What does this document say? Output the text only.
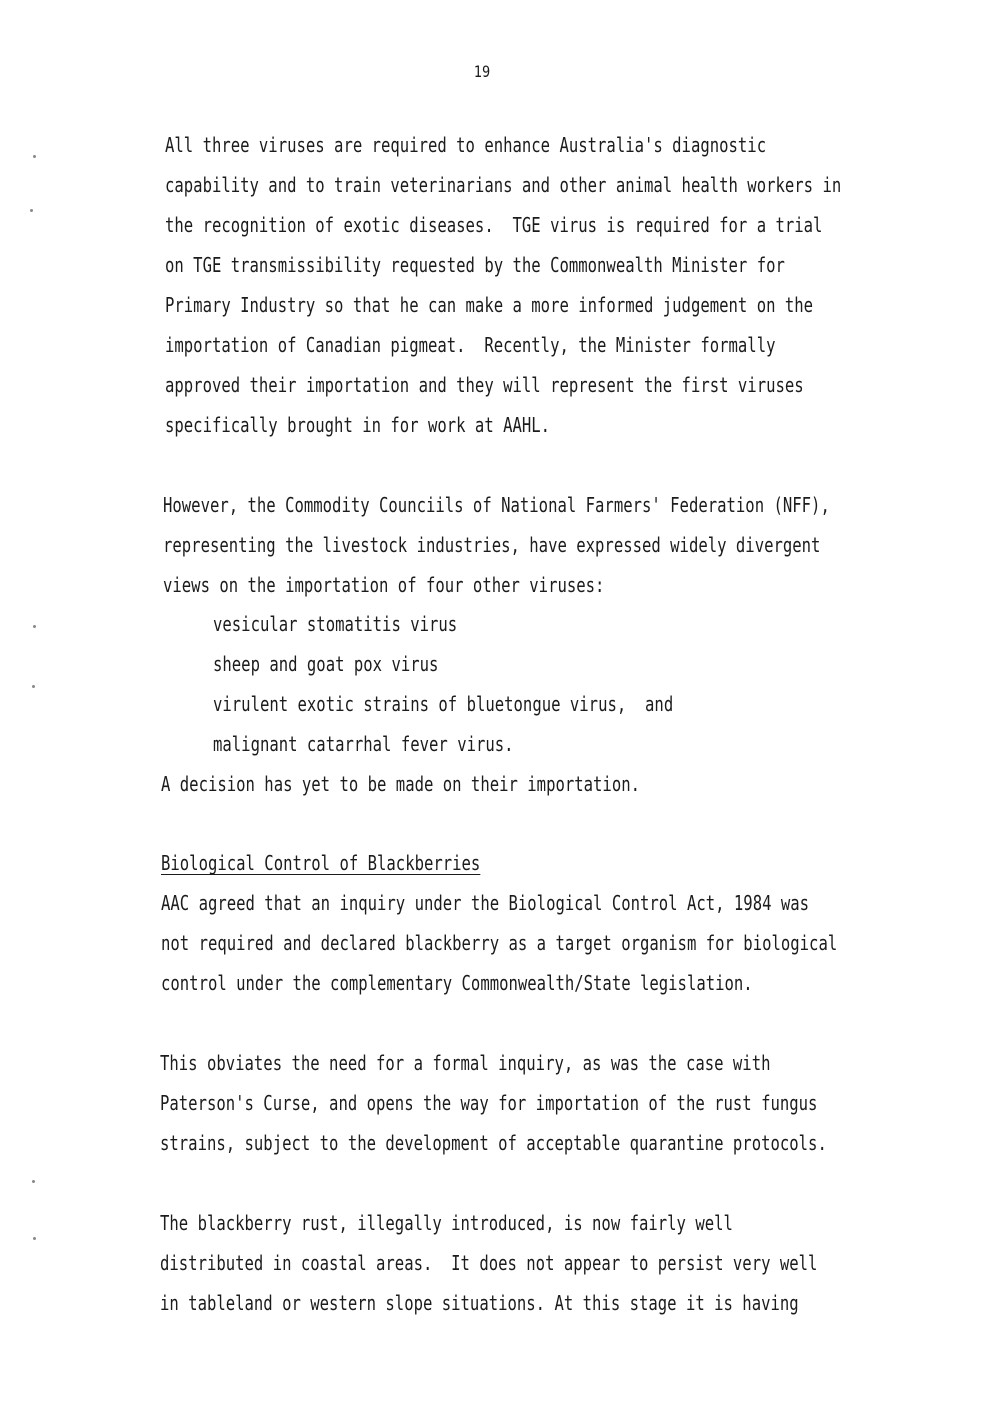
19
All three viruses are required to enhance Australia's diagnostic
capability and to train veterinarians and other animal health workers in
the recognition of exotic diseases.  TGE virus is required for a trial
on TGE transmissibility requested by the Commonwealth Minister for
Primary Industry so that he can make a more informed judgement on the
importation of Canadian pigmeat.  Recently, the Minister formally
approved their importation and they will represent the first viruses
specifically brought in for work at AAHL.
However, the Commodity Counciils of National Farmers' Federation (NFF),
representing the livestock industries, have expressed widely divergent
views on the importation of four other viruses:
vesicular stomatitis virus
sheep and goat pox virus
virulent exotic strains of bluetongue virus,  and
malignant catarrhal fever virus.
A decision has yet to be made on their importation.
Biological Control of Blackberries
AAC agreed that an inquiry under the Biological Control Act, 1984 was
not required and declared blackberry as a target organism for biological
control under the complementary Commonwealth/State legislation.
This obviates the need for a formal inquiry, as was the case with
Paterson's Curse, and opens the way for importation of the rust fungus
strains, subject to the development of acceptable quarantine protocols.
The blackberry rust, illegally introduced, is now fairly well
distributed in coastal areas.  It does not appear to persist very well
in tableland or western slope situations. At this stage it is having
